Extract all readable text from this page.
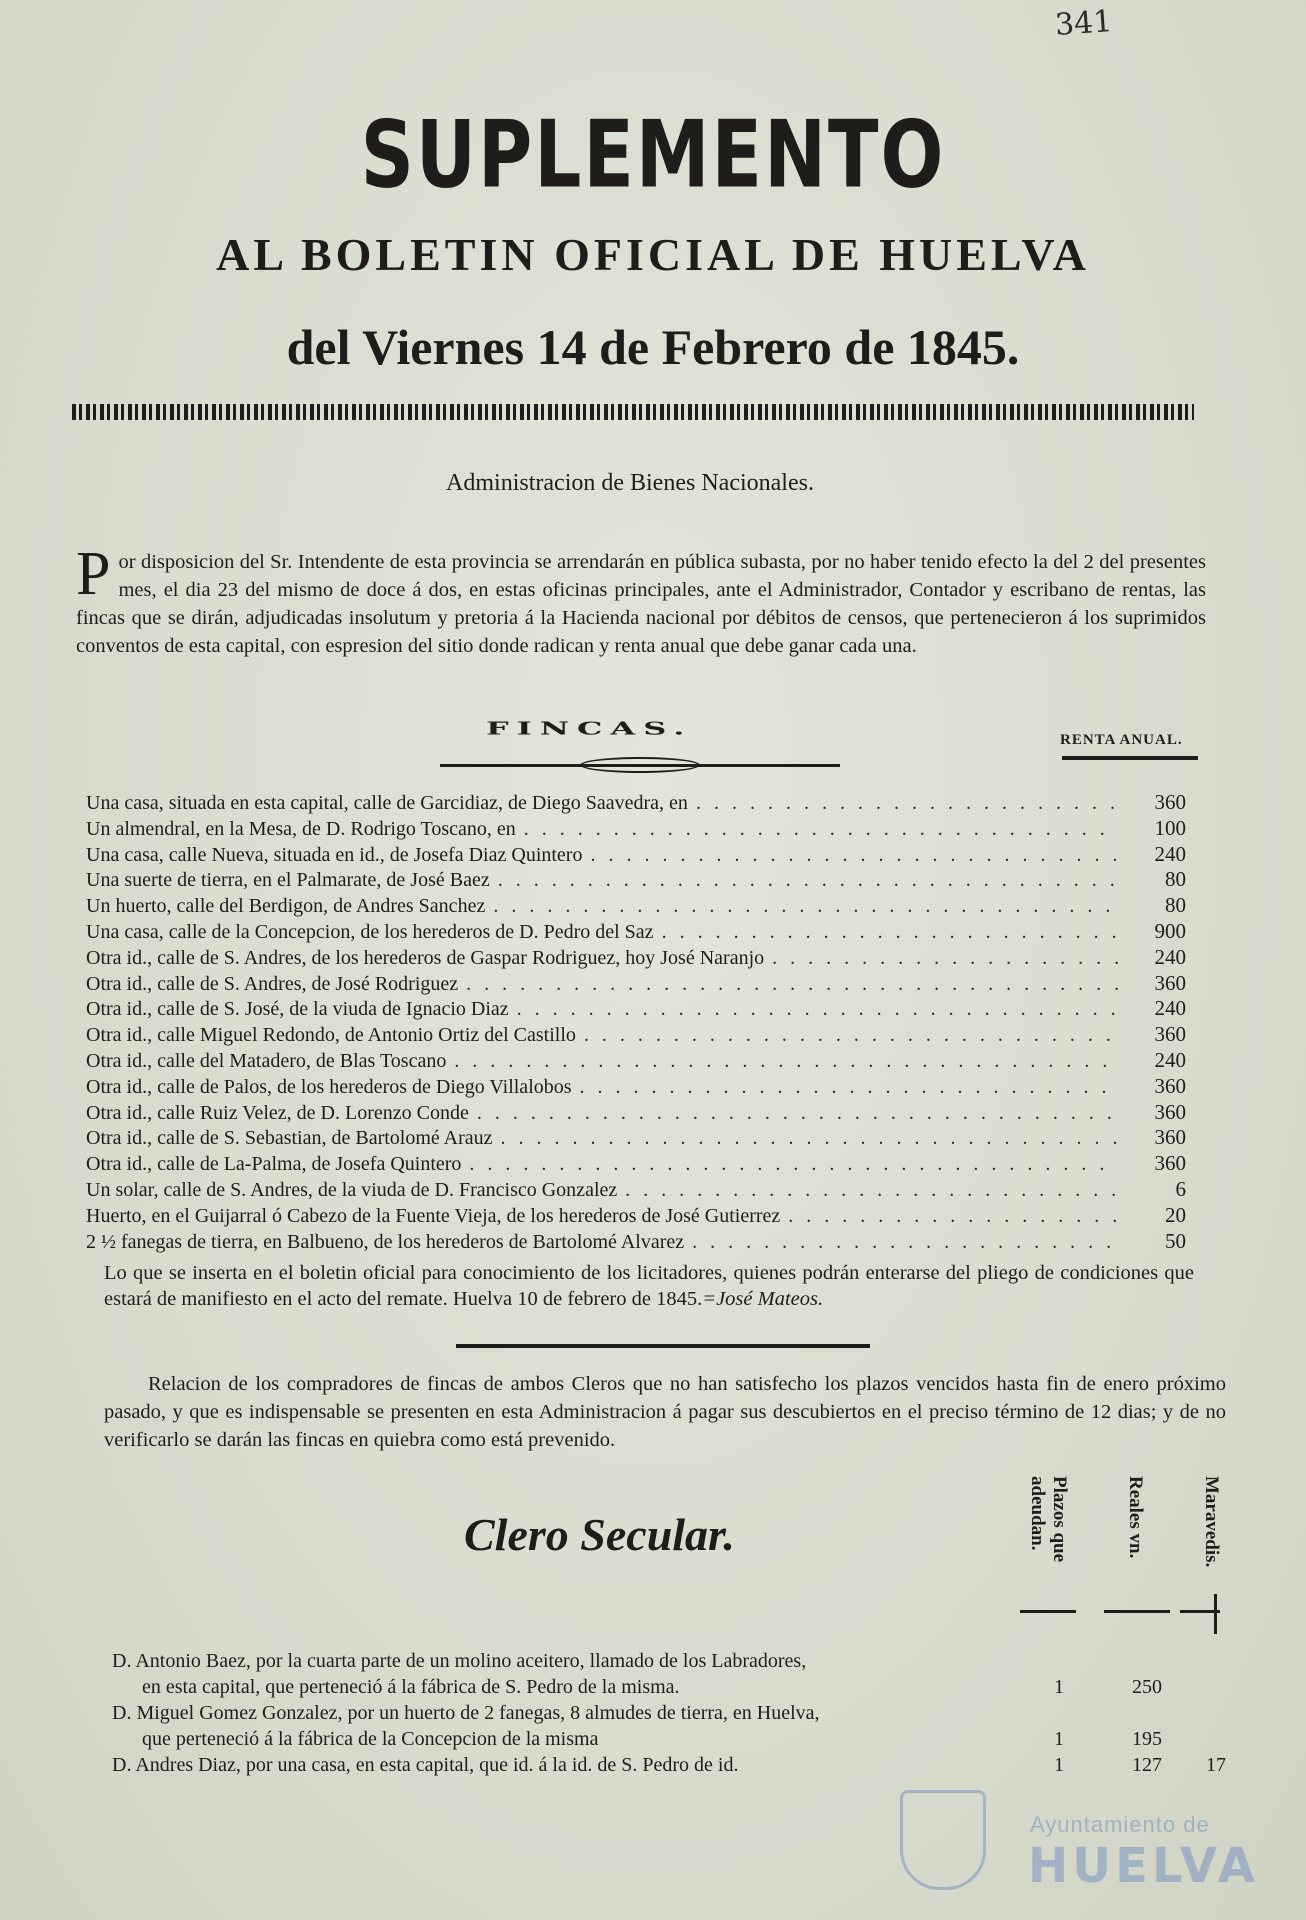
341
SUPLEMENTO
AL BOLETIN OFICIAL DE HUELVA
del Viernes 14 de Febrero de 1845.
Administracion de Bienes Nacionales.
Por disposicion del Sr. Intendente de esta provincia se arrendarán en pública subasta, por no haber tenido efecto la del 2 del presentes mes, el dia 23 del mismo de doce á dos, en estas oficinas principales, ante el Administrador, Contador y escribano de rentas, las fincas que se dirán, adjudicadas insolutum y pretoria á la Hacienda nacional por débitos de censos, que pertenecieron á los suprimidos conventos de esta capital, con espresion del sitio donde radican y renta anual que debe ganar cada una.
FINCAS.
RENTA ANUAL.
Una casa, situada en esta capital, calle de Garcidiaz, de Diego Saavedra, en . . .	360
Un almendral, en la Mesa, de D. Rodrigo Toscano, en . . .	100
Una casa, calle Nueva, situada en id., de Josefa Diaz Quintero . . .	240
Una suerte de tierra, en el Palmarate, de José Baez . . .	80
Un huerto, calle del Berdigon, de Andres Sanchez . . .	80
Una casa, calle de la Concepcion, de los herederos de D. Pedro del Saz . . .	900
Otra id., calle de S. Andres, de los herederos de Gaspar Rodriguez, hoy José Naranjo . . .	240
Otra id., calle de S. Andres, de José Rodriguez . . .	360
Otra id., calle de S. José, de la viuda de Ignacio Diaz . . .	240
Otra id., calle Miguel Redondo, de Antonio Ortiz del Castillo . . .	360
Otra id., calle del Matadero, de Blas Toscano . . .	240
Otra id., calle de Palos, de los herederos de Diego Villalobos . . .	360
Otra id., calle Ruiz Velez, de D. Lorenzo Conde . . .	360
Otra id., calle de S. Sebastian, de Bartolomé Arauz . . .	360
Otra id., calle de La-Palma, de Josefa Quintero . . .	360
Un solar, calle de S. Andres, de la viuda de D. Francisco Gonzalez . . .	6
Huerto, en el Guijarral ó Cabezo de la Fuente Vieja, de los herederos de José Gutierrez . . .	20
2 ½ fanegas de tierra, en Balbueno, de los herederos de Bartolomé Alvarez . . .	50
Lo que se inserta en el boletin oficial para conocimiento de los licitadores, quienes podrán enterarse del pliego de condiciones que estará de manifiesto en el acto del remate. Huelva 10 de febrero de 1845.=José Mateos.
Relacion de los compradores de fincas de ambos Cleros que no han satisfecho los plazos vencidos hasta fin de enero próximo pasado, y que es indispensable se presenten en esta Administracion á pagar sus descubiertos en el preciso término de 12 dias; y de no verificarlo se darán las fincas en quiebra como está prevenido.
Clero Secular.	Plazos que adeudan.	Reales vn.	Maravedis.
D. Antonio Baez, por la cuarta parte de un molino aceitero, llamado de los Labradores,
en esta capital, que perteneció á la fábrica de S. Pedro de la misma.	1	250
D. Miguel Gomez Gonzalez, por un huerto de 2 fanegas, 8 almudes de tierra, en Huelva,
que perteneció á la fábrica de la Concepcion de la misma	1	195
D. Andres Diaz, por una casa, en esta capital, que id. á la id. de S. Pedro de id.	1	127	17
Ayuntamiento de
HUELVA
